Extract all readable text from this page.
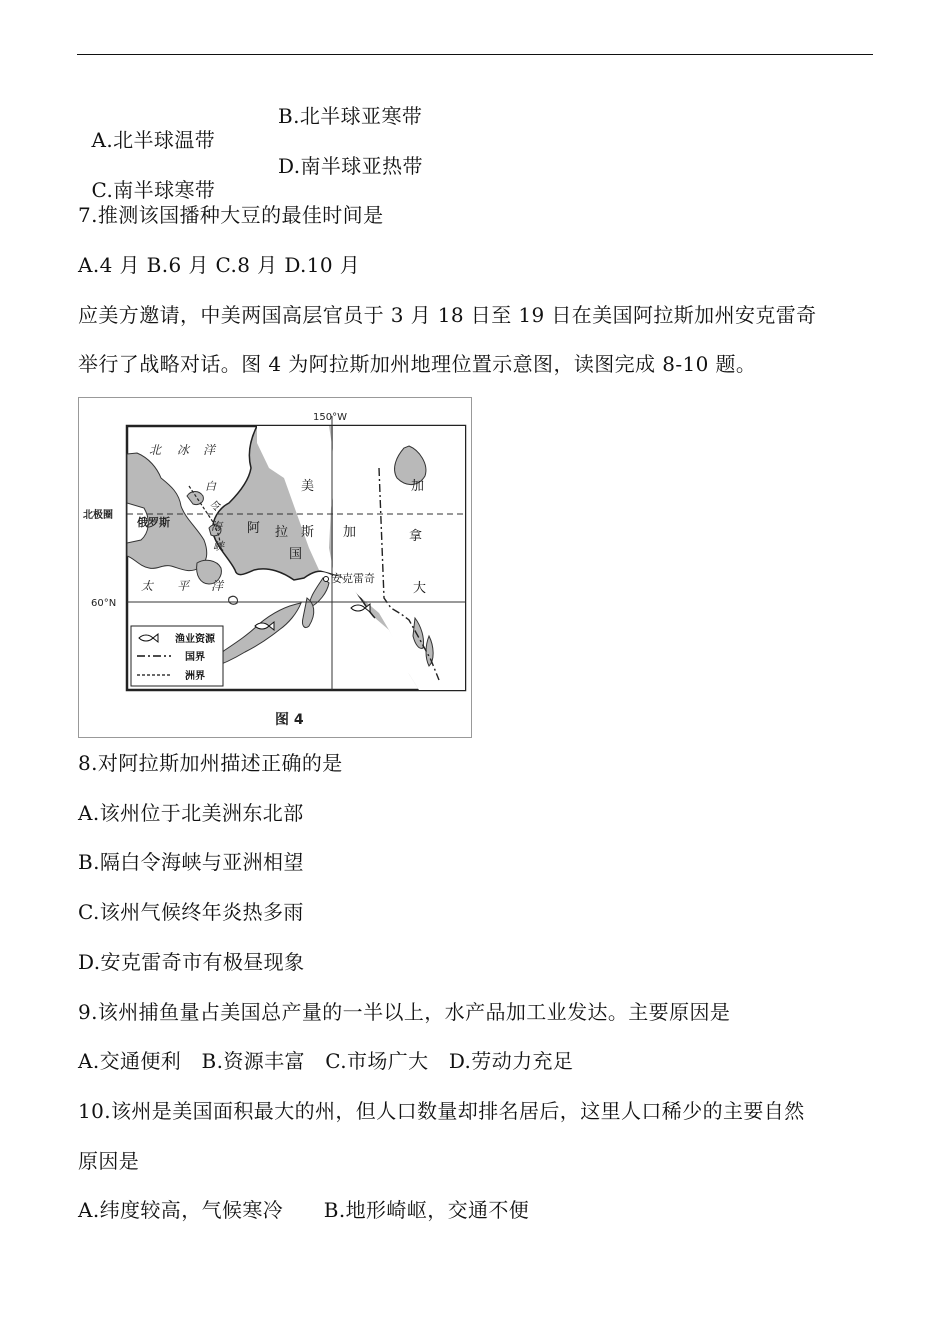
A.北半球温带

B.北半球亚寒带

C.南半球寒带

D.南半球亚热带

7.推测该国播种大豆的最佳时间是
A.4 月 B.6 月 C.8 月 D.10 月
应美方邀请，中美两国高层官员于 3 月 18 日至 19 日在美国阿拉斯加州安克雷奇
举行了战略对话。图 4 为阿拉斯加州地理位置示意图，读图完成 8-10 题。
150°W
北极圈
60°N
北 冰 洋
太 平 洋
俄罗斯
白
令
海
峡
美
阿 拉 斯 加
国
加
拿
大
安克雷奇
渔业资源
国界
洲界
图 4
8.对阿拉斯加州描述正确的是
A.该州位于北美洲东北部
B.隔白令海峡与亚洲相望
C.该州气候终年炎热多雨
D.安克雷奇市有极昼现象
9.该州捕鱼量占美国总产量的一半以上，水产品加工业发达。主要原因是
A.交通便利   B.资源丰富   C.市场广大   D.劳动力充足
10.该州是美国面积最大的州，但人口数量却排名居后，这里人口稀少的主要自然
原因是
A.纬度较高，气候寒冷      B.地形崎岖，交通不便
